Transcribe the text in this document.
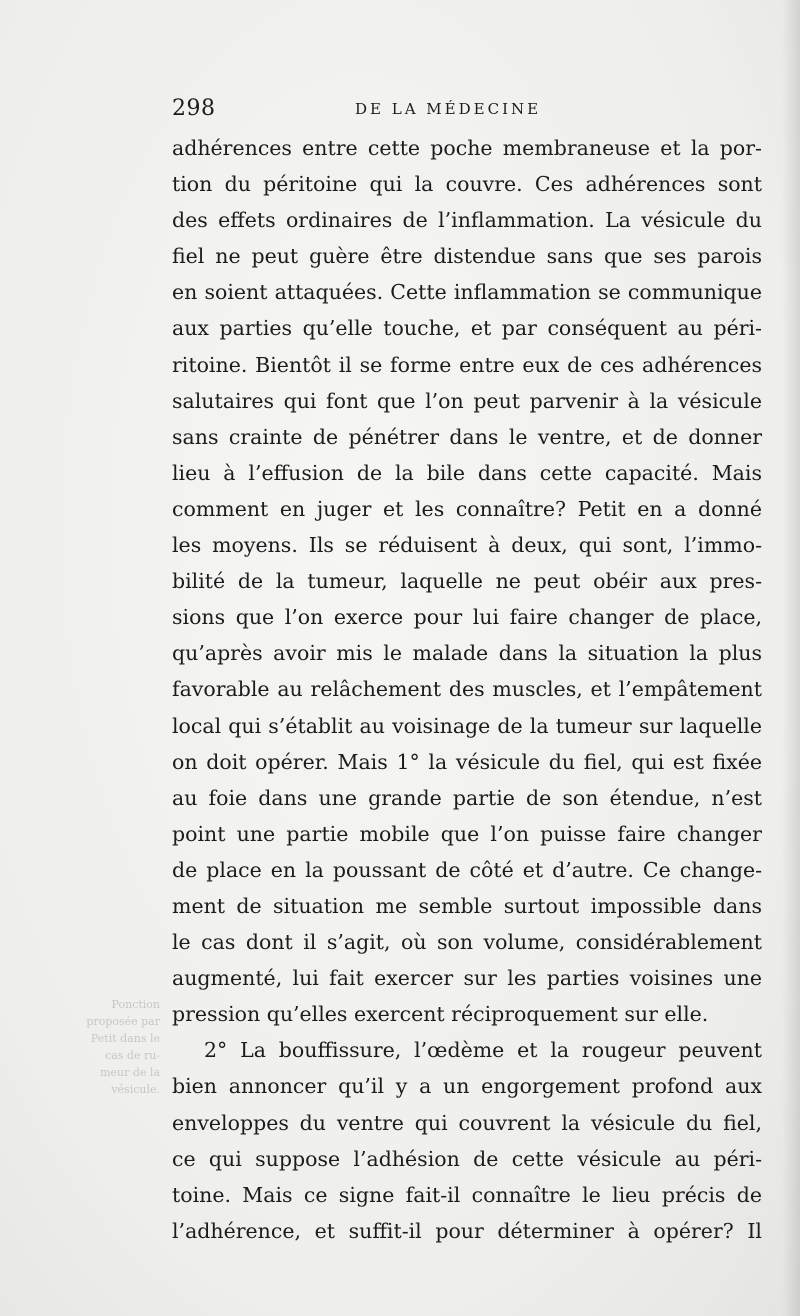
298	DE LA MÉDECINE
Ponction
proposée par
Petit dans le
cas de ru-
meur de la
vésicule.
adhérences entre cette poche membraneuse et la por-
tion du péritoine qui la couvre. Ces adhérences sont
des effets ordinaires de l’inflammation. La vésicule du
fiel ne peut guère être distendue sans que ses parois
en soient attaquées. Cette inflammation se communique
aux parties qu’elle touche, et par conséquent au péri-
ritoine. Bientôt il se forme entre eux de ces adhérences
salutaires qui font que l’on peut parvenir à la vésicule
sans crainte de pénétrer dans le ventre, et de donner
lieu à l’effusion de la bile dans cette capacité. Mais
comment en juger et les connaître? Petit en a donné
les moyens. Ils se réduisent à deux, qui sont, l’immo-
bilité de la tumeur, laquelle ne peut obéir aux pres-
sions que l’on exerce pour lui faire changer de place,
qu’après avoir mis le malade dans la situation la plus
favorable au relâchement des muscles, et l’empâtement
local qui s’établit au voisinage de la tumeur sur laquelle
on doit opérer. Mais 1° la vésicule du fiel, qui est fixée
au foie dans une grande partie de son étendue, n’est
point une partie mobile que l’on puisse faire changer
de place en la poussant de côté et d’autre. Ce change-
ment de situation me semble surtout impossible dans
le cas dont il s’agit, où son volume, considérablement
augmenté, lui fait exercer sur les parties voisines une
pression qu’elles exercent réciproquement sur elle.
2° La bouffissure, l’œdème et la rougeur peuvent
bien annoncer qu’il y a un engorgement profond aux
enveloppes du ventre qui couvrent la vésicule du fiel,
ce qui suppose l’adhésion de cette vésicule au péri-
toine. Mais ce signe fait-il connaître le lieu précis de
l’adhérence, et suffit-il pour déterminer à opérer? Il
